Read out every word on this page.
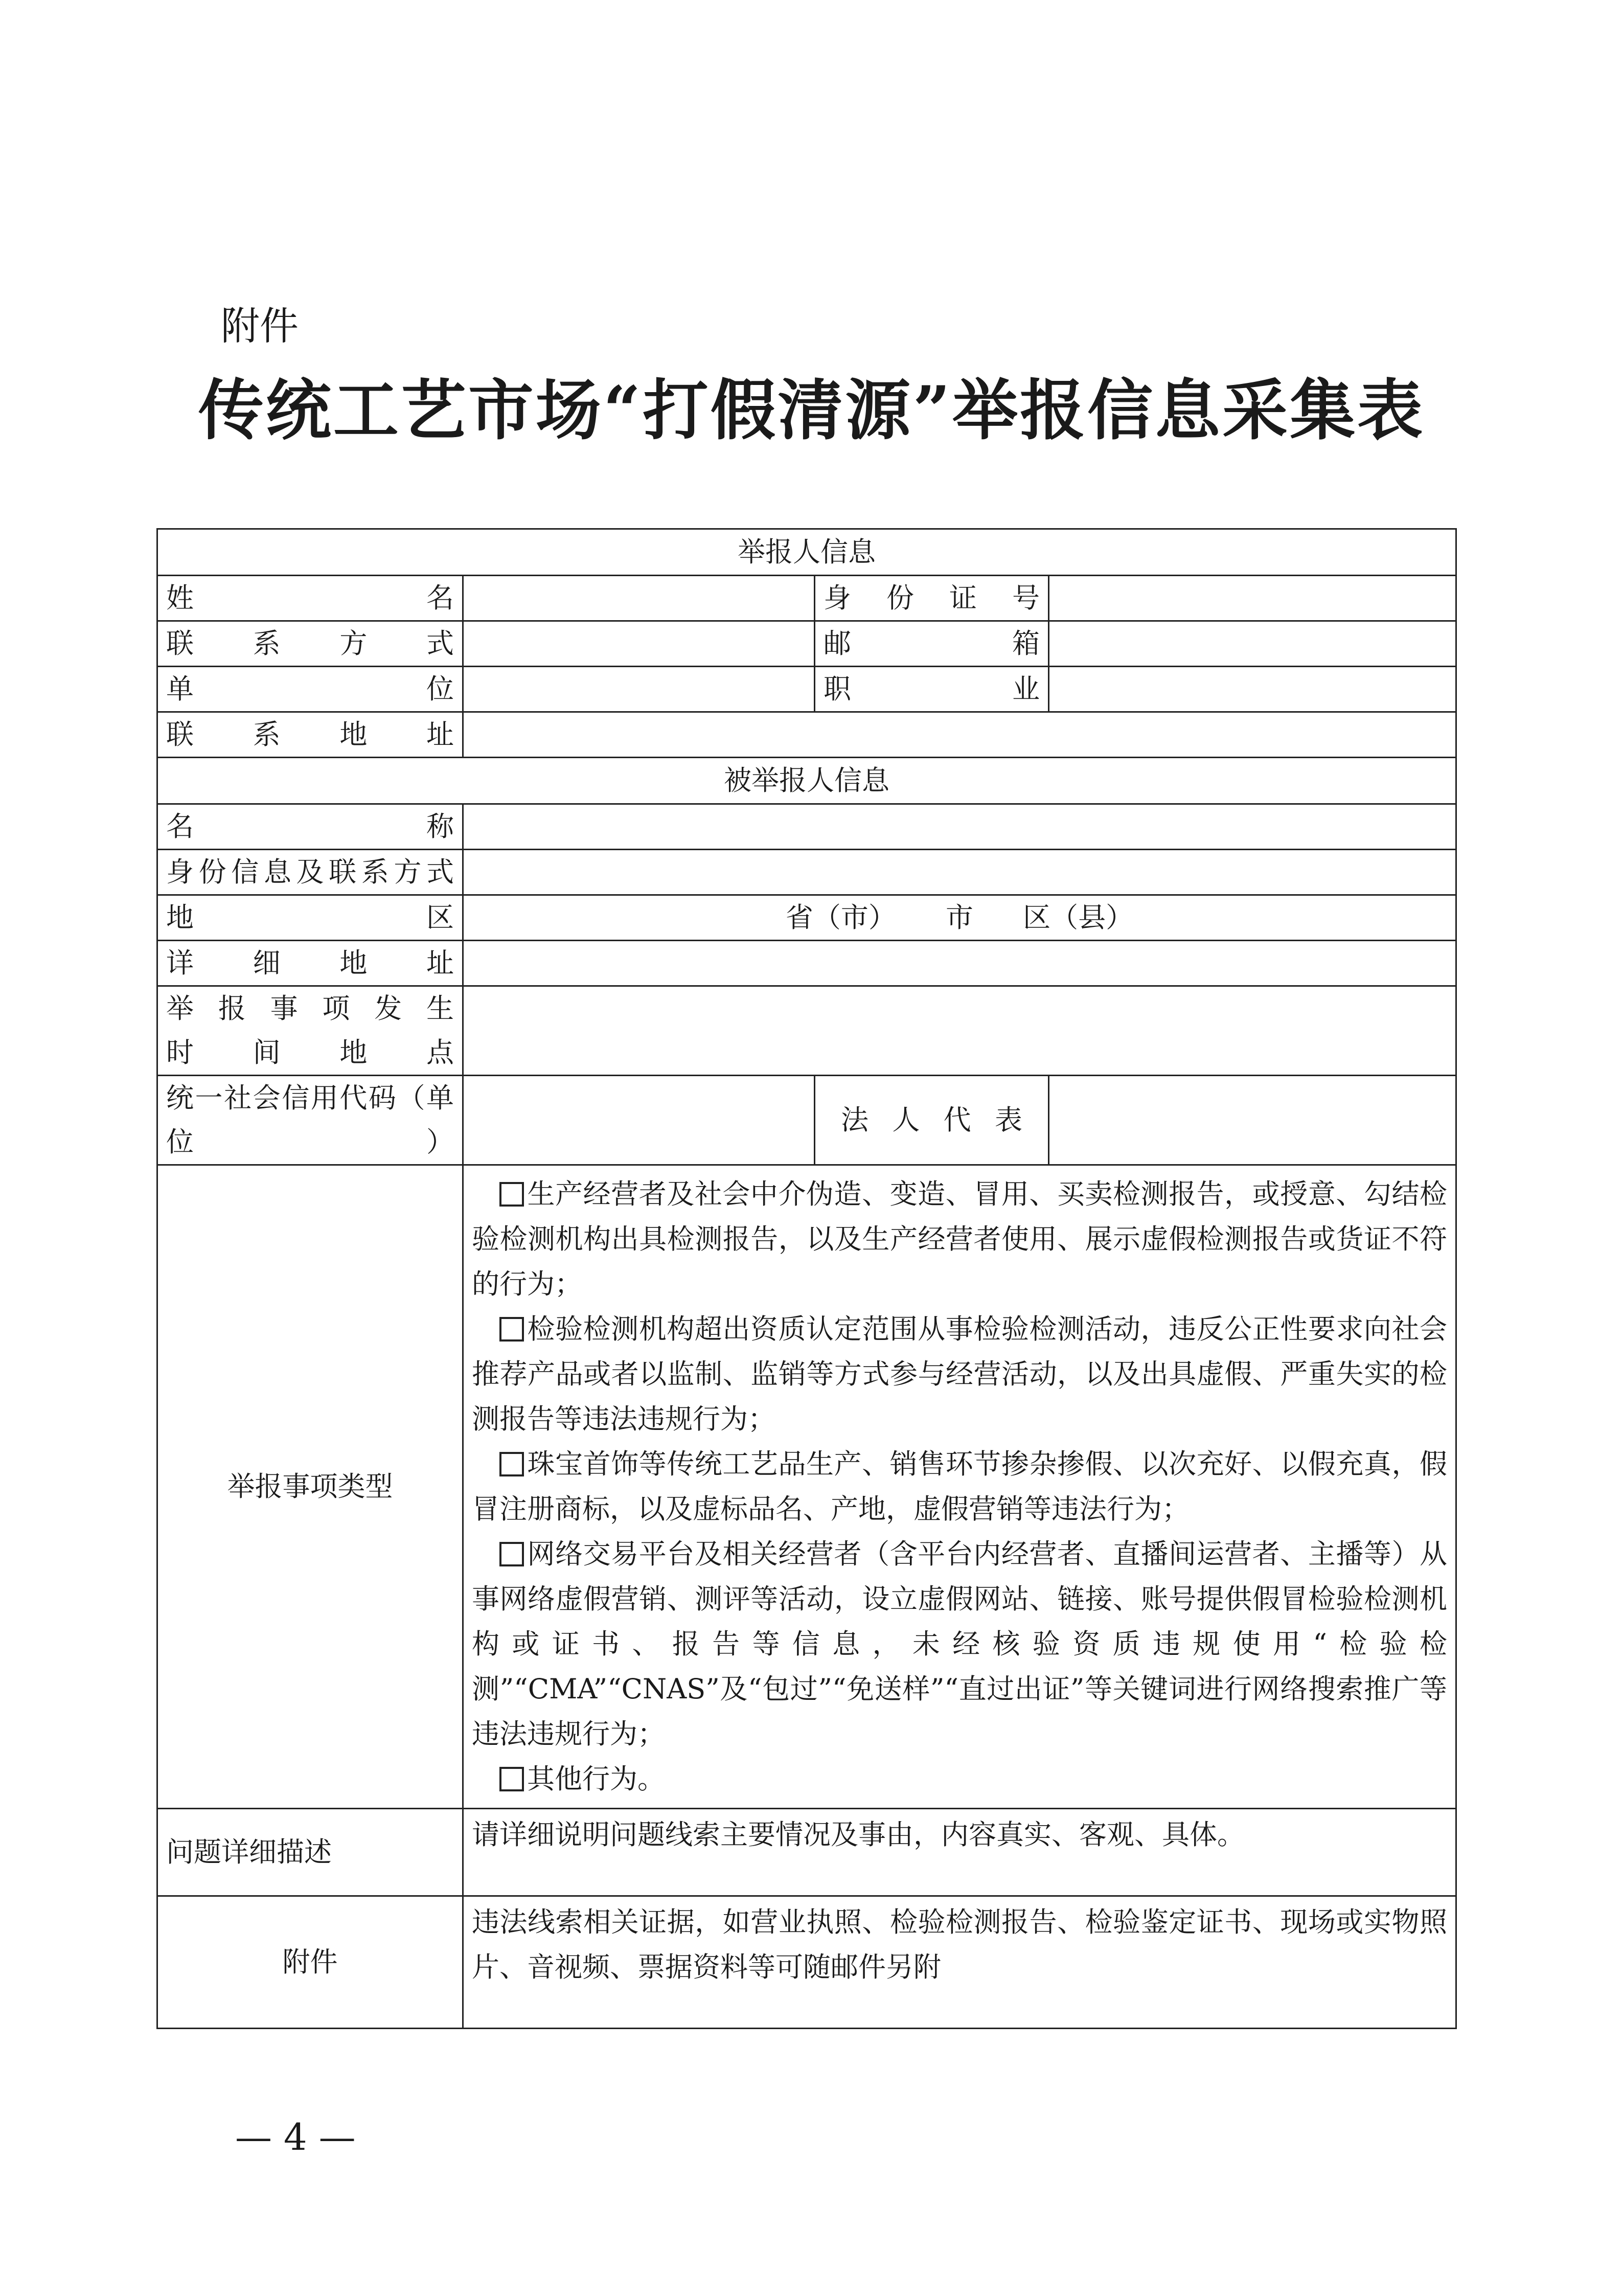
附件
传统工艺市场“打假清源”举报信息采集表
举报人信息			
姓名		身份证号	
联系方式		邮箱	
单位		职业	
联系地址			
被举报人信息			
名称			
身份信息及联系方式			
地区	省（市） 市 区（县）		
详细地址			

举报事项发生
时间地点			

统一社会信用代码（单
位）		法人代表	
举报事项类型	生产经营者及社会中介伪造、变造、冒用、买卖检测报告，或授意、勾结检验检测机构出具检测报告，以及生产经营者使用、展示虚假检测报告或货证不符的行为；
检验检测机构超出资质认定范围从事检验检测活动，违反公正性要求向社会推荐产品或者以监制、监销等方式参与经营活动，以及出具虚假、严重失实的检测报告等违法违规行为；
珠宝首饰等传统工艺品生产、销售环节掺杂掺假、以次充好、以假充真，假冒注册商标，以及虚标品名、产地，虚假营销等违法行为；
网络交易平台及相关经营者（含平台内经营者、直播间运营者、主播等）从事网络虚假营销、测评等活动，设立虚假网站、链接、账号提供假冒检验检测机构或证书、报告等信息，未经核验资质违规使用“检验检测”“CMA”“CNAS”及“包过”“免送样”“直过出证”等关键词进行网络搜索推广等违法违规行为；
其他行为。		

问题详细描述	请详细说明问题线索主要情况及事由，内容真实、客观、具体。		

附件	违法线索相关证据，如营业执照、检验检测报告、检验鉴定证书、现场或实物照片、音视频、票据资料等可随邮件另附		
— 4 —
